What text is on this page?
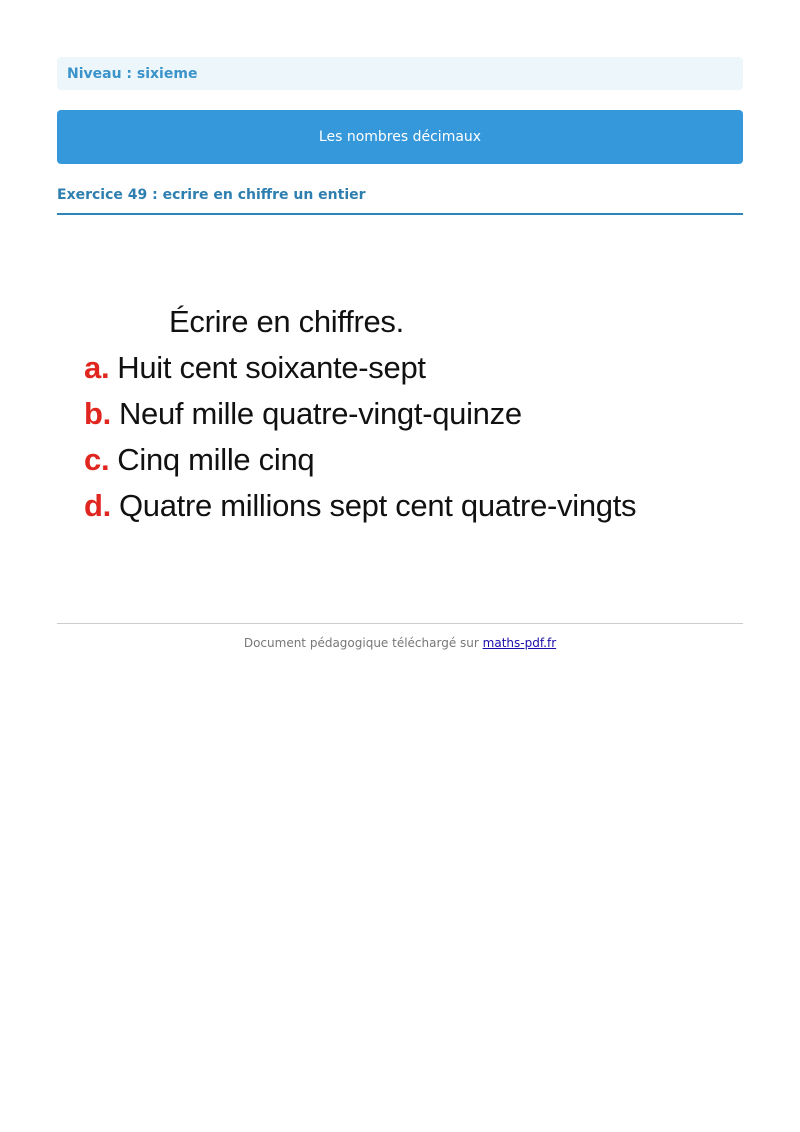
Niveau : sixieme
Les nombres décimaux
Exercice 49 : ecrire en chiffre un entier
Écrire en chiffres.
a. Huit cent soixante-sept
b. Neuf mille quatre-vingt-quinze
c. Cinq mille cinq
d. Quatre millions sept cent quatre-vingts
Document pédagogique téléchargé sur maths-pdf.fr
